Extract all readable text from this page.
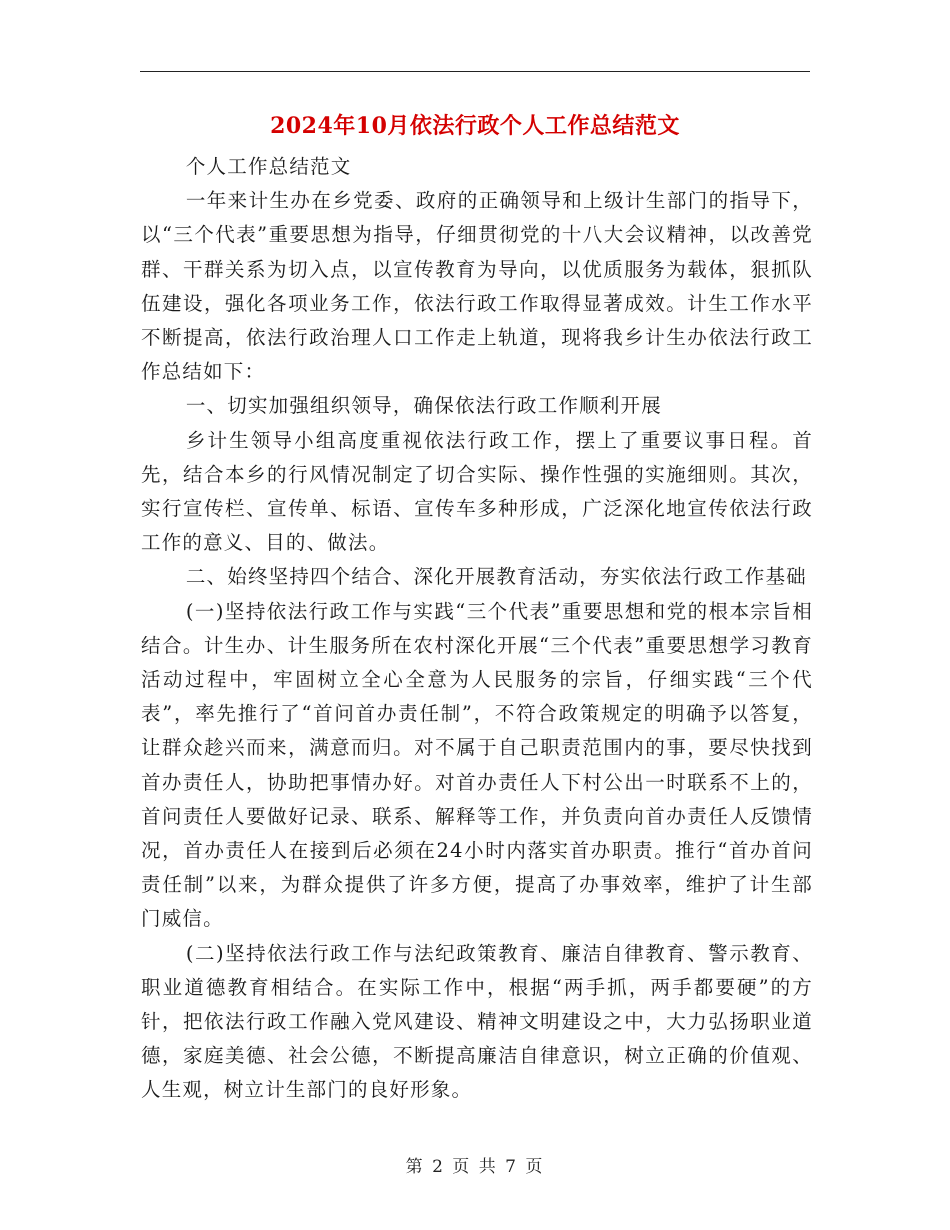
2024年10月依法行政个人工作总结范文

个人工作总结范文

一年来计生办在乡党委、政府的正确领导和上级计生部门的指导下，以“三个代表”重要思想为指导，仔细贯彻党的十八大会议精神，以改善党群、干群关系为切入点，以宣传教育为导向，以优质服务为载体，狠抓队伍建设，强化各项业务工作，依法行政工作取得显著成效。计生工作水平不断提高，依法行政治理人口工作走上轨道，现将我乡计生办依法行政工作总结如下：

一、切实加强组织领导，确保依法行政工作顺利开展

乡计生领导小组高度重视依法行政工作，摆上了重要议事日程。首先，结合本乡的行风情况制定了切合实际、操作性强的实施细则。其次，实行宣传栏、宣传单、标语、宣传车多种形成，广泛深化地宣传依法行政工作的意义、目的、做法。

二、始终坚持四个结合、深化开展教育活动，夯实依法行政工作基础

(一)坚持依法行政工作与实践“三个代表”重要思想和党的根本宗旨相结合。计生办、计生服务所在农村深化开展“三个代表”重要思想学习教育活动过程中，牢固树立全心全意为人民服务的宗旨，仔细实践“三个代表”，率先推行了“首问首办责任制”，不符合政策规定的明确予以答复，让群众趁兴而来，满意而归。对不属于自己职责范围内的事，要尽快找到首办责任人，协助把事情办好。对首办责任人下村公出一时联系不上的，首问责任人要做好记录、联系、解释等工作，并负责向首办责任人反馈情况，首办责任人在接到后必须在24小时内落实首办职责。推行“首办首问责任制”以来，为群众提供了许多方便，提高了办事效率，维护了计生部门威信。

(二)坚持依法行政工作与法纪政策教育、廉洁自律教育、警示教育、职业道德教育相结合。在实际工作中，根据“两手抓，两手都要硬”的方针，把依法行政工作融入党风建设、精神文明建设之中，大力弘扬职业道德，家庭美德、社会公德，不断提高廉洁自律意识，树立正确的价值观、人生观，树立计生部门的良好形象。

第 2 页 共 7 页
